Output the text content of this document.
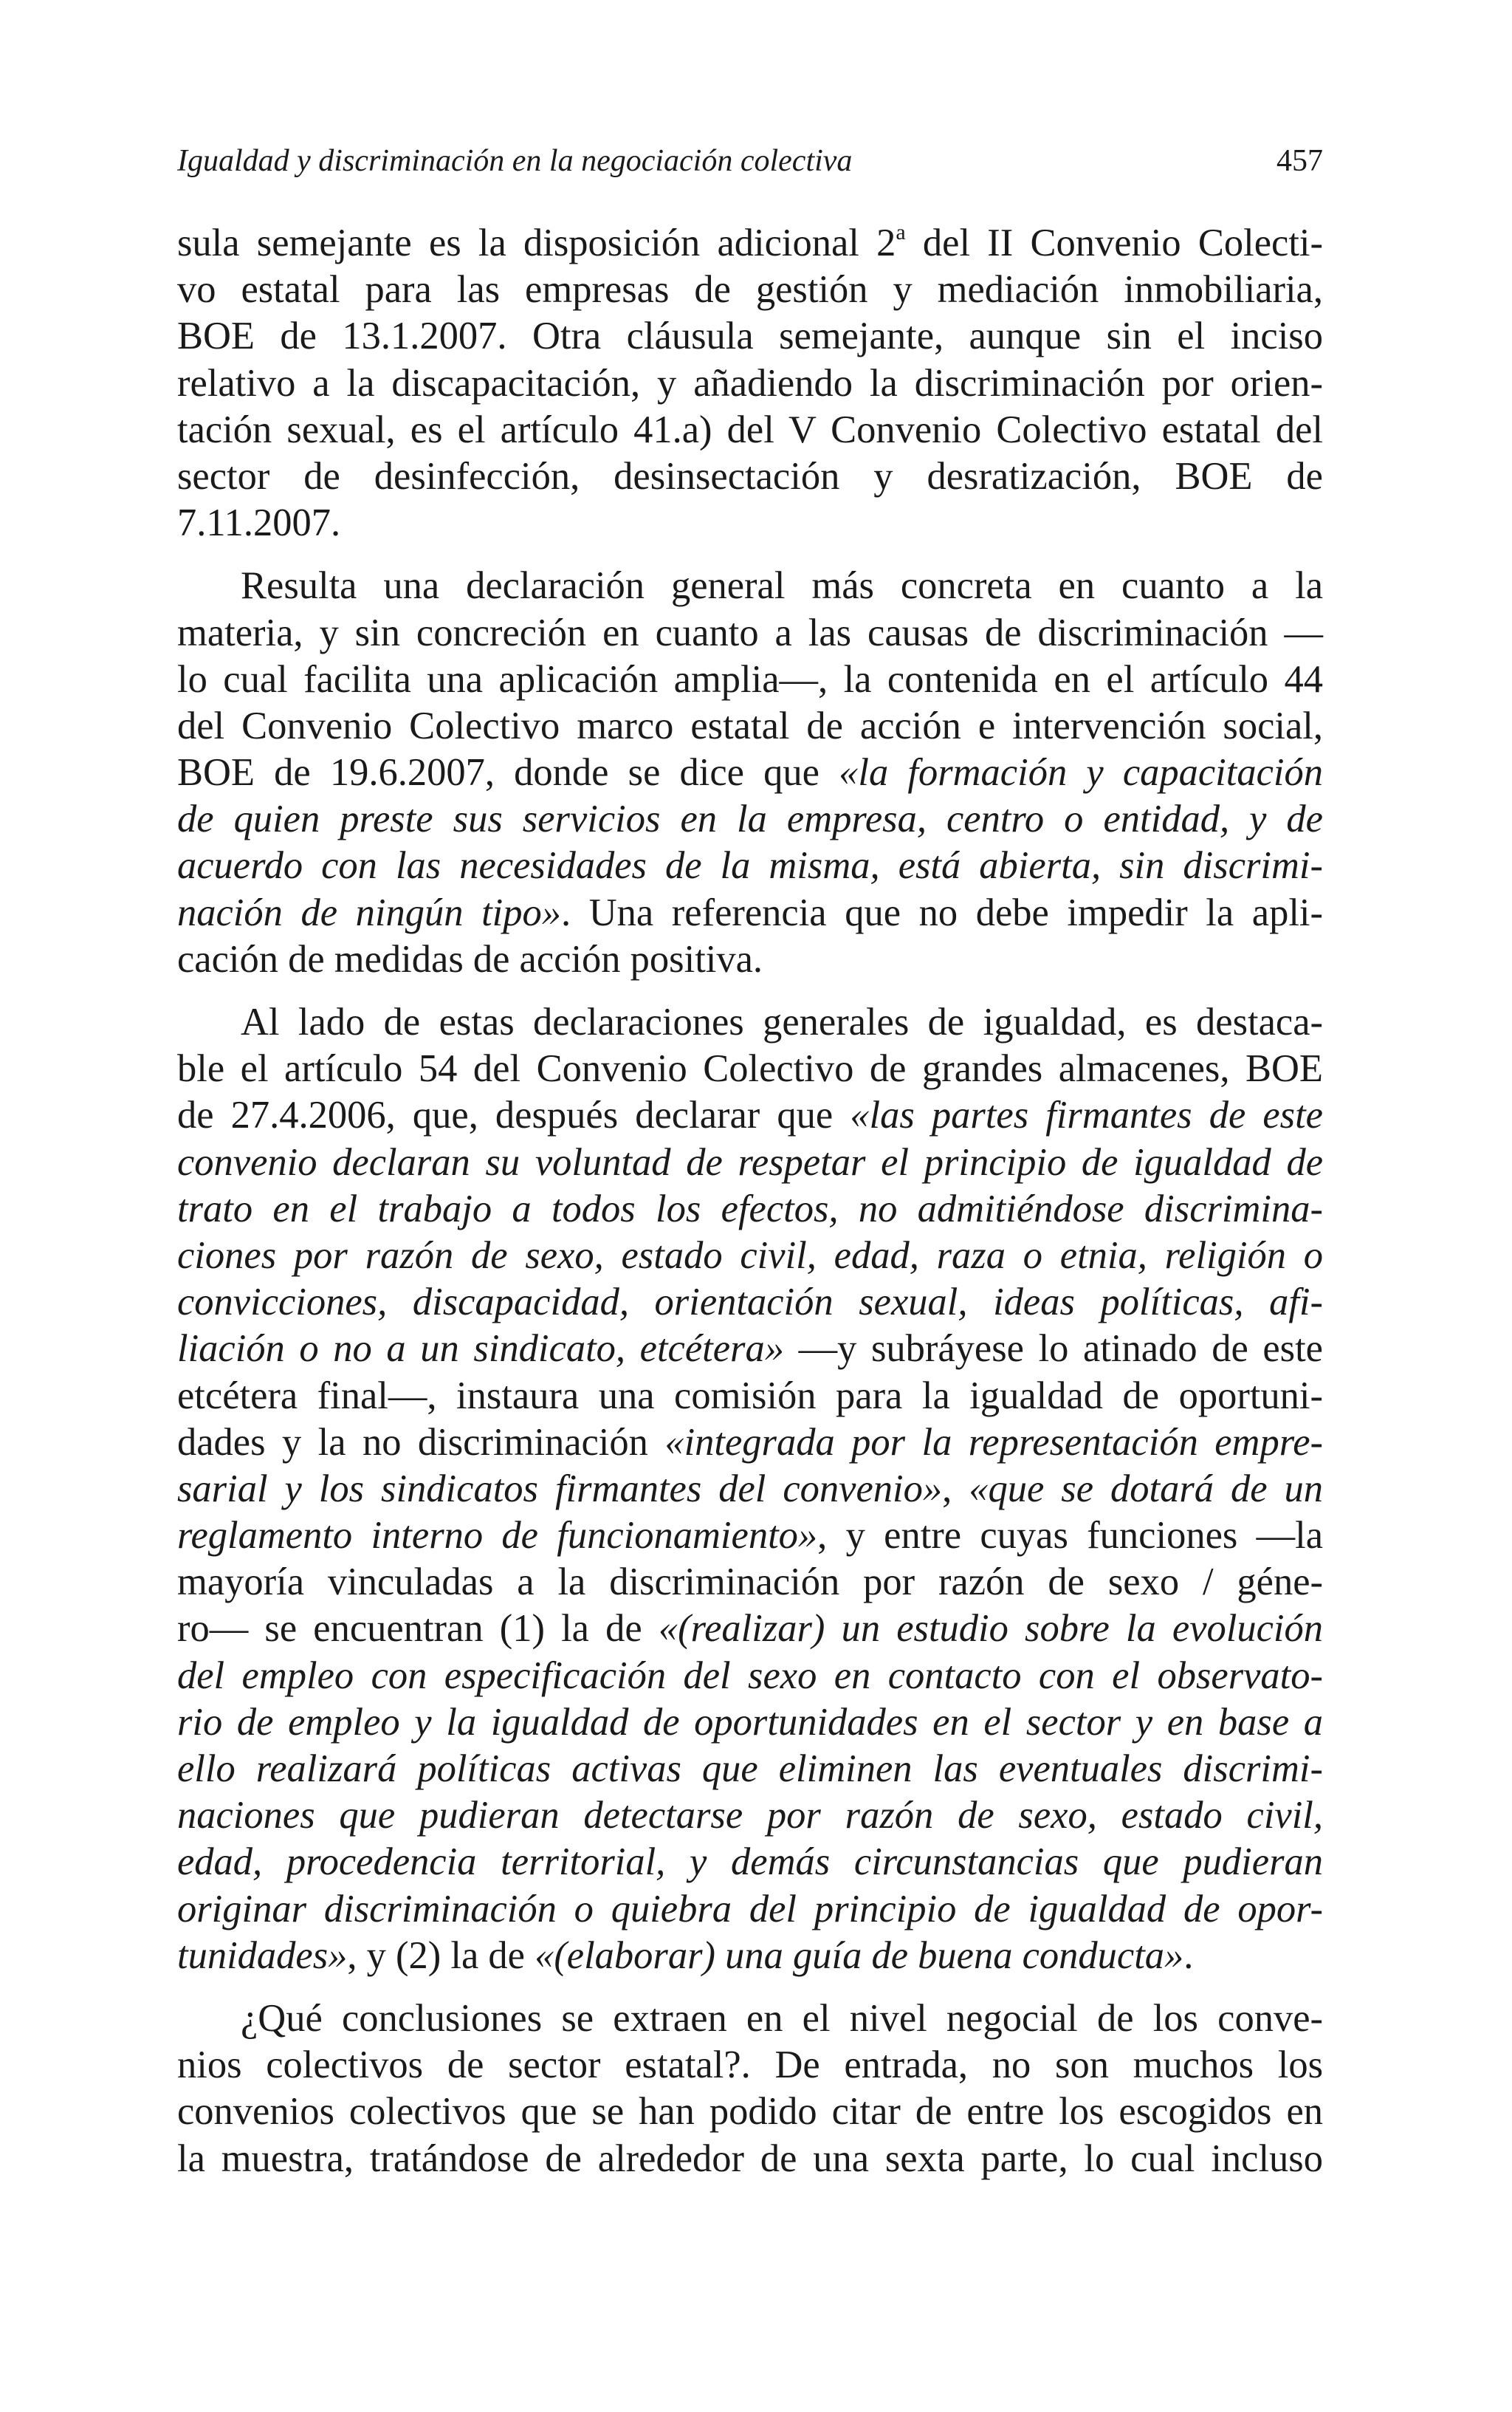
Igualdad y discriminación en la negociación colectiva	457
sula semejante es la disposición adicional 2$^a$ del II Convenio Colecti-
vo estatal para las empresas de gestión y mediación inmobiliaria,
BOE de 13.1.2007. Otra cláusula semejante, aunque sin el inciso
relativo a la discapacitación, y añadiendo la discriminación por orien-
tación sexual, es el artículo 41.a) del V Convenio Colectivo estatal del
sector de desinfección, desinsectación y desratización, BOE de
7.11.2007.
Resulta una declaración general más concreta en cuanto a la
materia, y sin concreción en cuanto a las causas de discriminación —
lo cual facilita una aplicación amplia—, la contenida en el artículo 44
del Convenio Colectivo marco estatal de acción e intervención social,
BOE de 19.6.2007, donde se dice que «la formación y capacitación
de quien preste sus servicios en la empresa, centro o entidad, y de
acuerdo con las necesidades de la misma, está abierta, sin discrimi-
nación de ningún tipo». Una referencia que no debe impedir la apli-
cación de medidas de acción positiva.
Al lado de estas declaraciones generales de igualdad, es destaca-
ble el artículo 54 del Convenio Colectivo de grandes almacenes, BOE
de 27.4.2006, que, después declarar que «las partes firmantes de este
convenio declaran su voluntad de respetar el principio de igualdad de
trato en el trabajo a todos los efectos, no admitiéndose discrimina-
ciones por razón de sexo, estado civil, edad, raza o etnia, religión o
convicciones, discapacidad, orientación sexual, ideas políticas, afi-
liación o no a un sindicato, etcétera» —y subráyese lo atinado de este
etcétera final—, instaura una comisión para la igualdad de oportuni-
dades y la no discriminación «integrada por la representación empre-
sarial y los sindicatos firmantes del convenio», «que se dotará de un
reglamento interno de funcionamiento», y entre cuyas funciones —la
mayoría vinculadas a la discriminación por razón de sexo / géne-
ro— se encuentran (1) la de «(realizar) un estudio sobre la evolución
del empleo con especificación del sexo en contacto con el observato-
rio de empleo y la igualdad de oportunidades en el sector y en base a
ello realizará políticas activas que eliminen las eventuales discrimi-
naciones que pudieran detectarse por razón de sexo, estado civil,
edad, procedencia territorial, y demás circunstancias que pudieran
originar discriminación o quiebra del principio de igualdad de opor-
tunidades», y (2) la de «(elaborar) una guía de buena conducta».
¿Qué conclusiones se extraen en el nivel negocial de los conve-
nios colectivos de sector estatal?. De entrada, no son muchos los
convenios colectivos que se han podido citar de entre los escogidos en
la muestra, tratándose de alrededor de una sexta parte, lo cual incluso
